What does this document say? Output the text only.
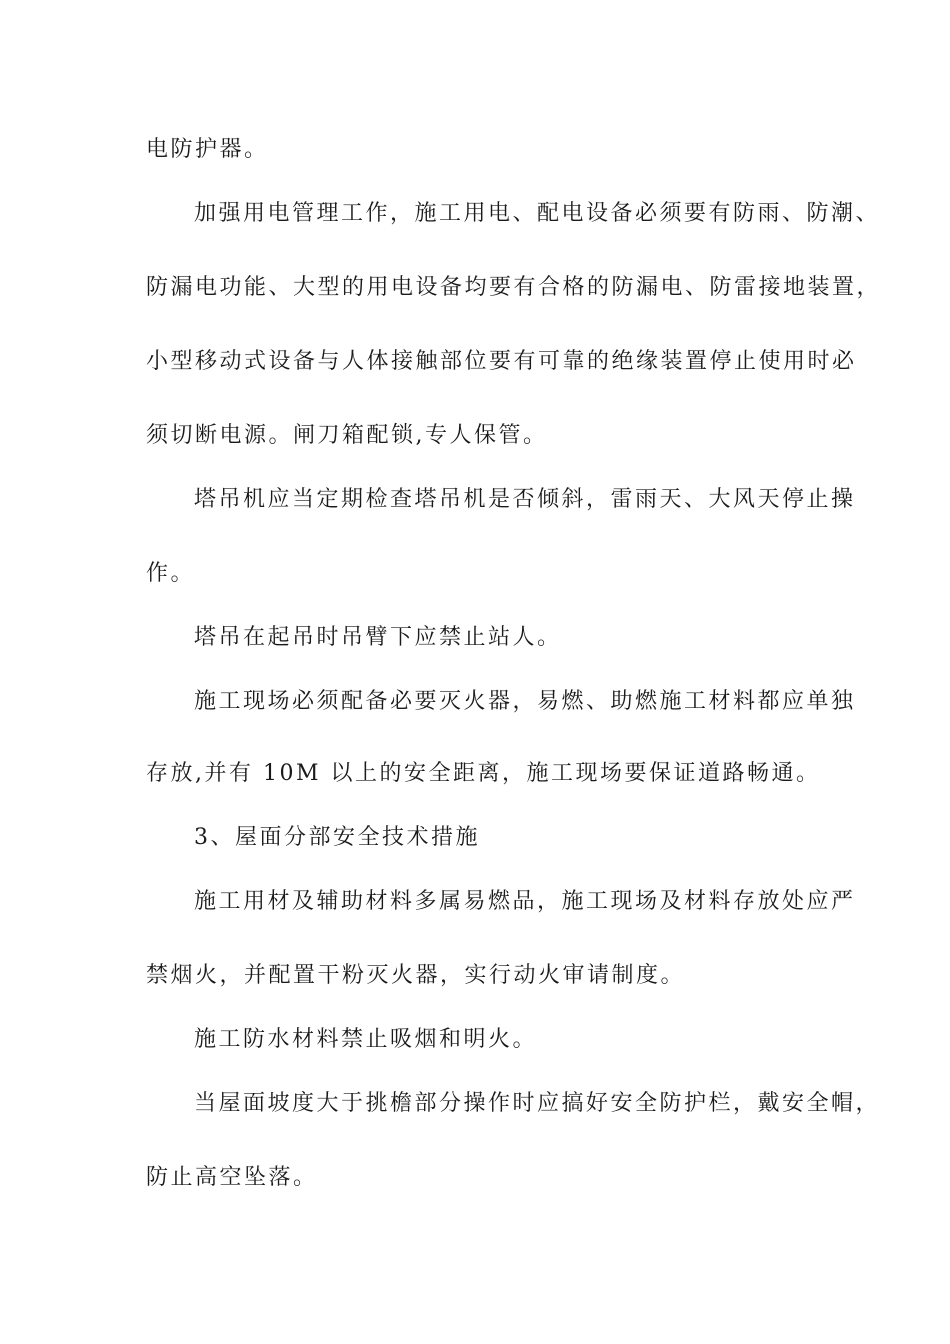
电防护器。

加强用电管理工作，施工用电、配电设备必须要有防雨、防潮、

防漏电功能、大型的用电设备均要有合格的防漏电、防雷接地装置，

小型移动式设备与人体接触部位要有可靠的绝缘装置停止使用时必

须切断电源。闸刀箱配锁,专人保管。

塔吊机应当定期检查塔吊机是否倾斜，雷雨天、大风天停止操

作。

塔吊在起吊时吊臂下应禁止站人。

施工现场必须配备必要灭火器，易燃、助燃施工材料都应单独

存放,并有 10M 以上的安全距离，施工现场要保证道路畅通。

3、屋面分部安全技术措施

施工用材及辅助材料多属易燃品，施工现场及材料存放处应严

禁烟火，并配置干粉灭火器，实行动火审请制度。

施工防水材料禁止吸烟和明火。

当屋面坡度大于挑檐部分操作时应搞好安全防护栏，戴安全帽，

防止高空坠落。
